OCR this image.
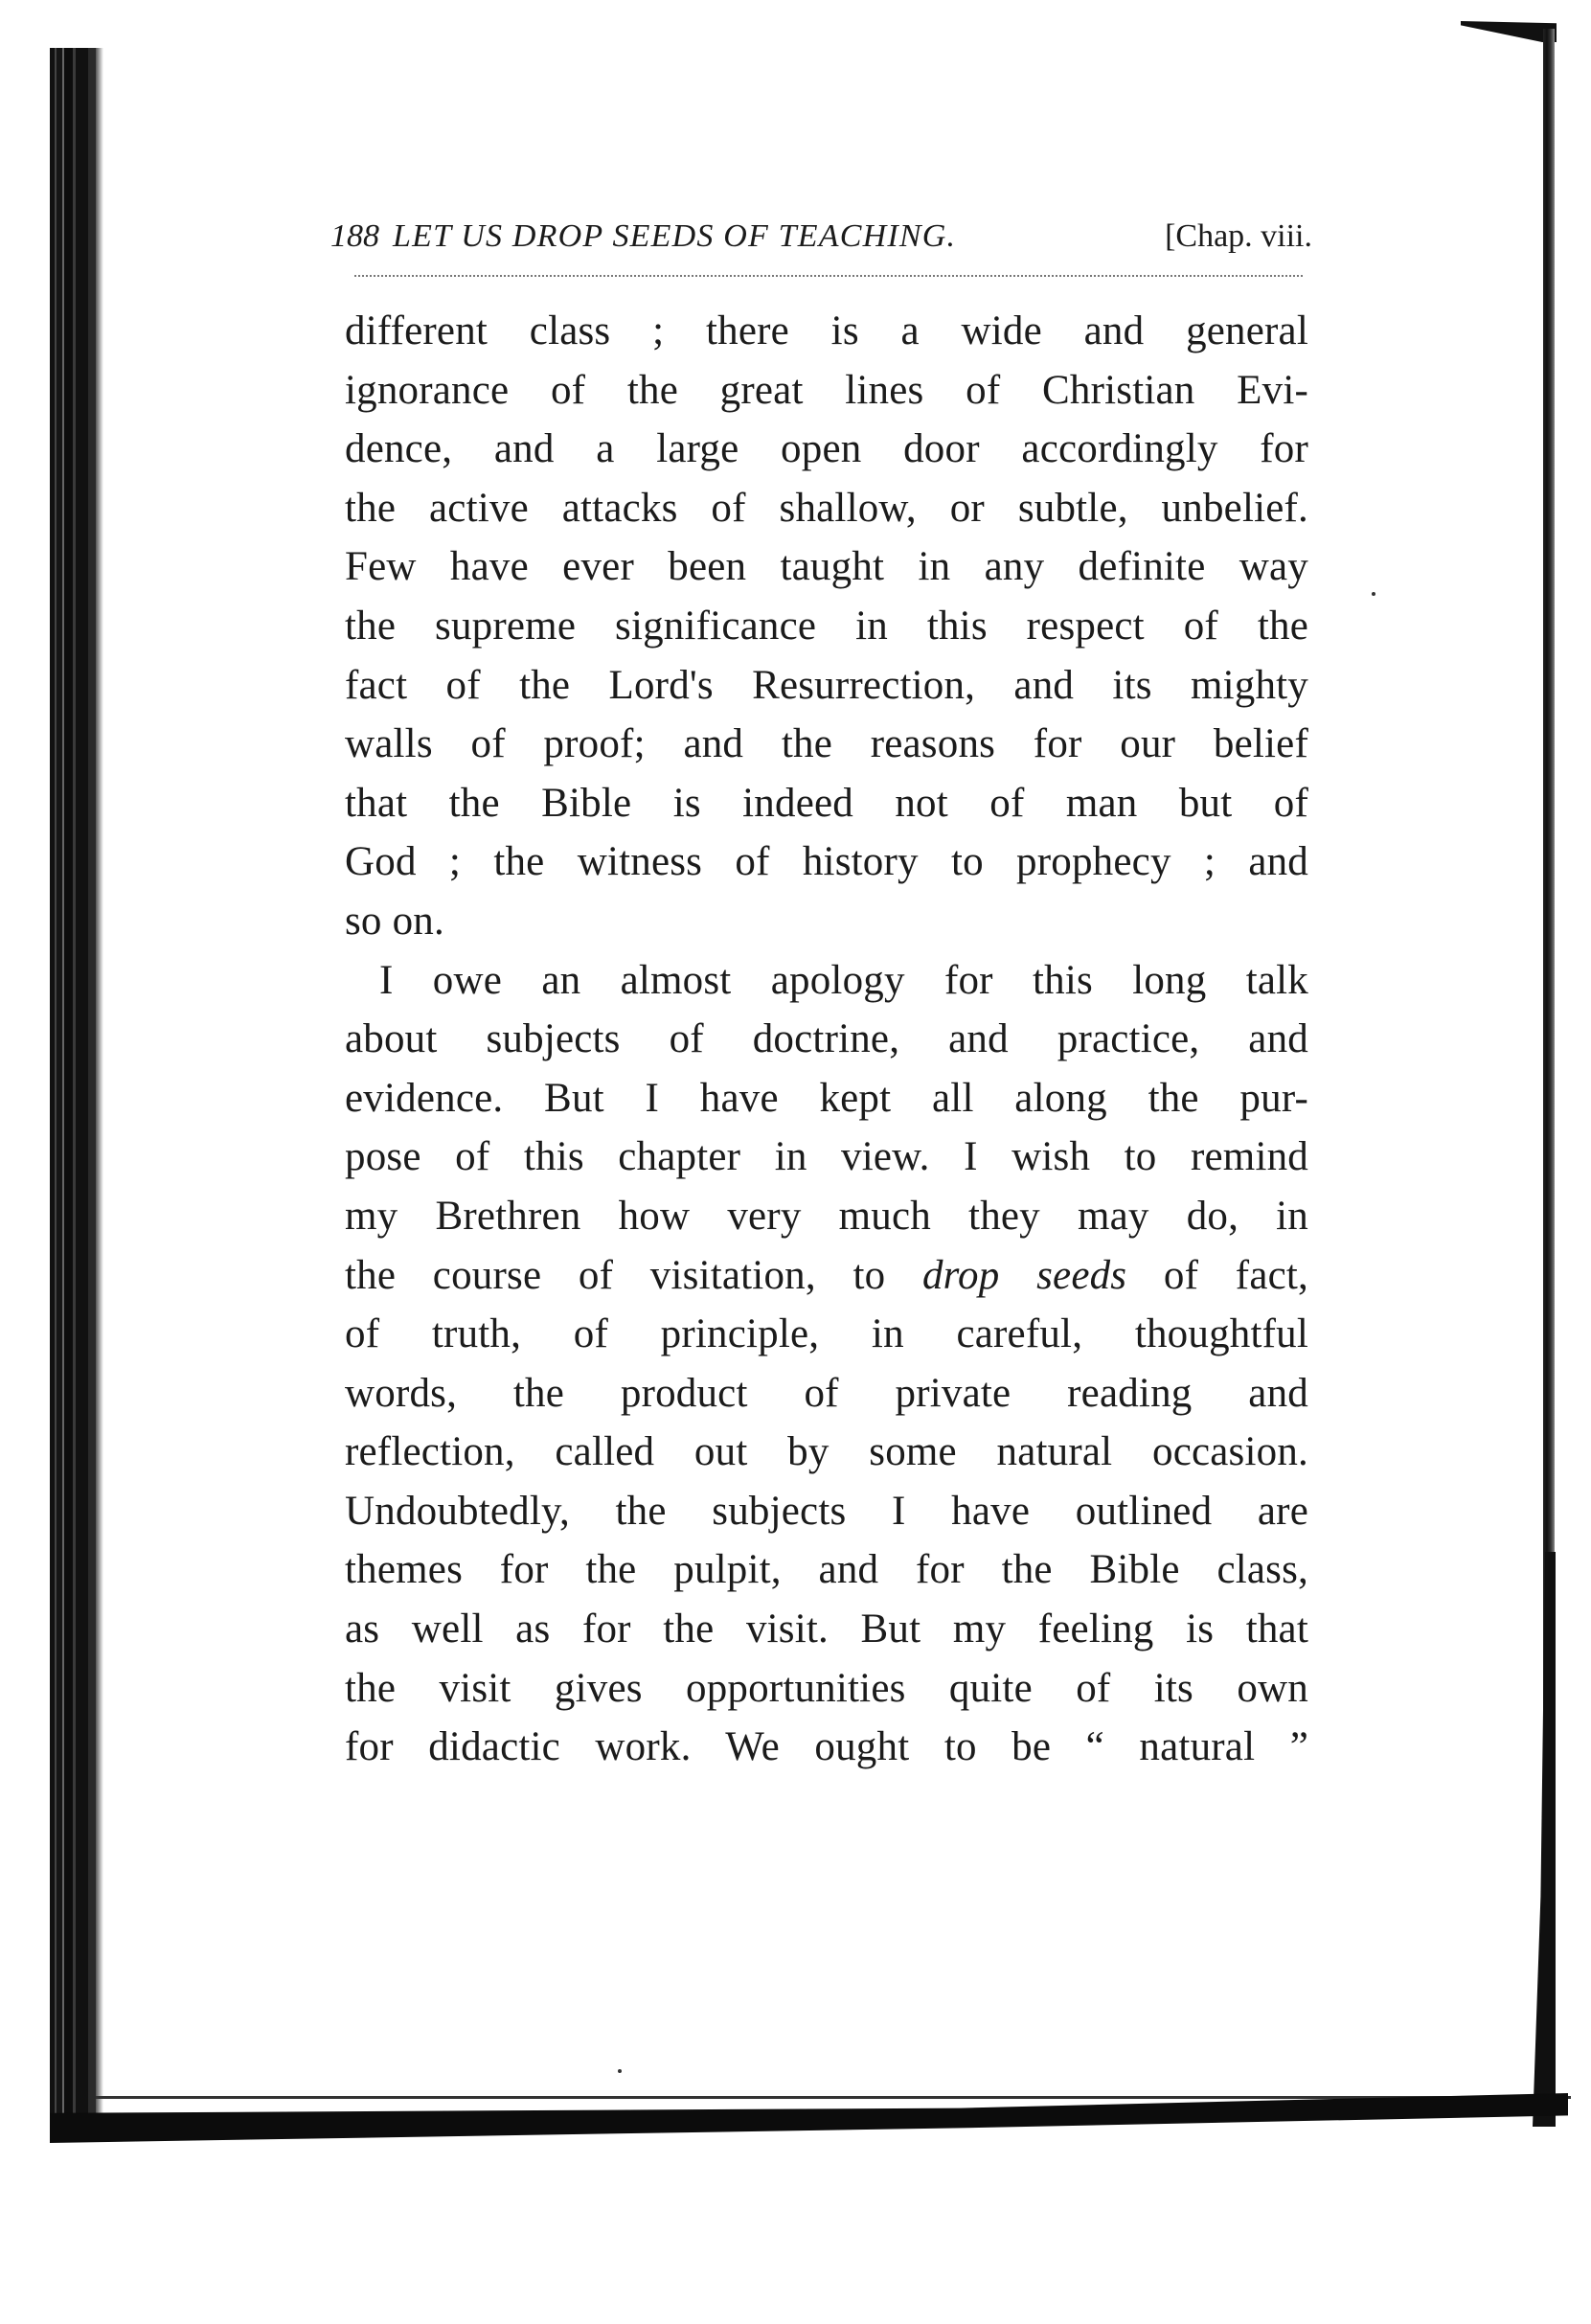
188 LET US DROP SEEDS OF TEACHING.	[Chap. viii.
different class ; there is a wide and general
ignorance of the great lines of Christian Evi-
dence, and a large open door accordingly for
the active attacks of shallow, or subtle, unbelief.
Few have ever been taught in any definite way
the supreme significance in this respect of the
fact of the Lord's Resurrection, and its mighty
walls of proof; and the reasons for our belief
that the Bible is indeed not of man but of
God ; the witness of history to prophecy ; and
so on.
I owe an almost apology for this long talk
about subjects of doctrine, and practice, and
evidence. But I have kept all along the pur-
pose of this chapter in view. I wish to remind
my Brethren how very much they may do, in
the course of visitation, to drop seeds of fact,
of truth, of principle, in careful, thoughtful
words, the product of private reading and
reflection, called out by some natural occasion.
Undoubtedly, the subjects I have outlined are
themes for the pulpit, and for the Bible class,
as well as for the visit. But my feeling is that
the visit gives opportunities quite of its own
for didactic work. We ought to be “ natural ”
